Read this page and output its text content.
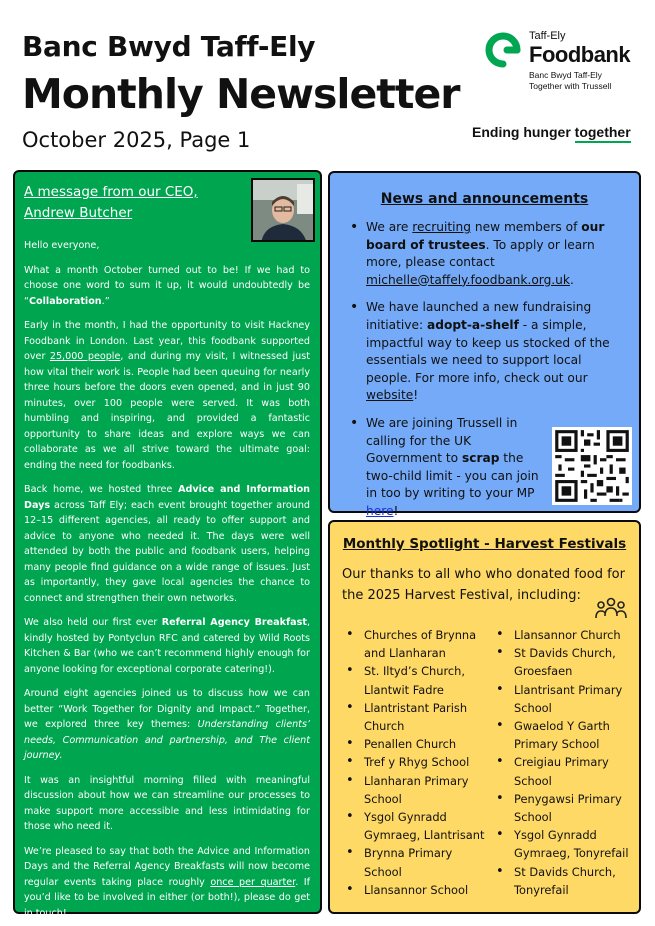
Banc Bwyd Taff-Ely
Monthly Newsletter
October 2025, Page 1
Taff-Ely
Foodbank
Banc Bwyd Taff-Ely
Together with Trussell
Ending hunger together
A message from our CEO,
Andrew Butcher

Hello everyone,

What a month October turned out to be! If we had to choose one word to sum it up, it would undoubtedly be “Collaboration.”

Early in the month, I had the opportunity to visit Hackney Foodbank in London. Last year, this foodbank supported over 25,000 people, and during my visit, I witnessed just how vital their work is. People had been queuing for nearly three hours before the doors even opened, and in just 90 minutes, over 100 people were served. It was both humbling and inspiring, and provided a fantastic opportunity to share ideas and explore ways we can collaborate as we all strive toward the ultimate goal: ending the need for foodbanks.

Back home, we hosted three Advice and Information Days across Taff Ely; each event brought together around 12–15 different agencies, all ready to offer support and advice to anyone who needed it. The days were well attended by both the public and foodbank users, helping many people find guidance on a wide range of issues. Just as importantly, they gave local agencies the chance to connect and strengthen their own networks.

We also held our first ever Referral Agency Breakfast, kindly hosted by Pontyclun RFC and catered by Wild Roots Kitchen & Bar (who we can’t recommend highly enough for anyone looking for exceptional corporate catering!).

Around eight agencies joined us to discuss how we can better “Work Together for Dignity and Impact.” Together, we explored three key themes: Understanding clients’ needs, Communication and partnership, and The client journey.

It was an insightful morning filled with meaningful discussion about how we can streamline our processes to make support more accessible and less intimidating for those who need it.

We’re pleased to say that both the Advice and Information Days and the Referral Agency Breakfasts will now become regular events taking place roughly once per quarter. If you’d like to be involved in either (or both!), please do get in touch!

News and announcements
• We are recruiting new members of our board of trustees. To apply or learn more, please contact michelle@taffely.foodbank.org.uk.
• We have launched a new fundraising initiative: adopt-a-shelf - a simple, impactful way to keep us stocked of the essentials we need to support local people. For more info, check out our website!
• We are joining Trussell in calling for the UK Government to scrap the two-child limit - you can join in too by writing to your MP here!
Monthly Spotlight - Harvest Festivals
Our thanks to all who who donated food for the 2025 Harvest Festival, including:
• Churches of Brynna and Llanharan
• St. Iltyd’s Church, Llantwit Fadre
• Llantristant Parish Church
• Penallen Church
• Tref y Rhyg School
• Llanharan Primary School
• Ysgol Gynradd Gymraeg, Llantrisant
• Brynna Primary School
• Llansannor School
• Llansannor Church
• St Davids Church, Groesfaen
• Llantrisant Primary School
• Gwaelod Y Garth Primary School
• Creigiau Primary School
• Penygawsi Primary School
• Ysgol Gynradd Gymraeg, Tonyrefail
• St Davids Church, Tonyrefail
